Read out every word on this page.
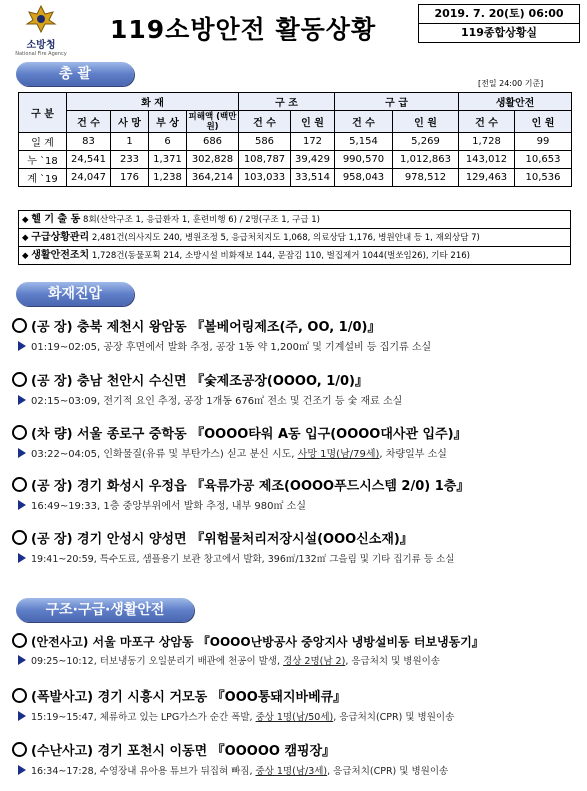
소방청
National Fire Agency
119소방안전 활동상황
2019. 7. 20(토) 06:00
119종합상황실
총 괄
[전일 24:00 기준]
구 분	화 재				구 조		구 급		생활안전	
	건 수	사 망	부 상	피해액 (백만원)	건 수	인 원	건 수	인 원	건 수	인 원
일 계	83	1	6	686	586	172	5,154	5,269	1,728	99
누 `18	24,541	233	1,371	302,828	108,787	39,429	990,570	1,012,863	143,012	10,653
계 `19	24,047	176	1,238	364,214	103,033	33,514	958,043	978,512	129,463	10,536
◆ 헬 기 출 동 8회(산악구조 1, 응급환자 1, 훈련비행 6) / 2명(구조 1, 구급 1)
◆ 구급상황관리 2,481건(의사지도 240, 병원조정 5, 응급처치지도 1,068, 의료상담 1,176, 병원안내 등 1, 재외상담 7)
◆ 생활안전조치 1,728건(동물포획 214, 소방시설 비화재보 144, 문잠김 110, 벌집제거 1044(벌쏘임26), 기타 216)
화재진압
(공 장) 충북 제천시 왕암동 『볼베어링제조(주, OO, 1/0)』
01:19~02:05, 공장 후면에서 발화 추정, 공장 1동 약 1,200㎡ 및 기계설비 등 집기류 소실
(공 장) 충남 천안시 수신면 『숯제조공장(OOOO, 1/0)』
02:15~03:09, 전기적 요인 추정, 공장 1개동 676㎡ 전소 및 건조기 등 숯 재료 소실
(차 량) 서울 종로구 중학동 『OOOO타워 A동 입구(OOOO대사관 입주)』
03:22~04:05, 인화물질(유류 및 부탄가스) 싣고 분신 시도, 사망 1명(남/79세), 차량일부 소실
(공 장) 경기 화성시 우정읍 『육류가공 제조(OOOO푸드시스템 2/0) 1층』
16:49~19:33, 1층 중앙부위에서 발화 추정, 내부 980㎡ 소실
(공 장) 경기 안성시 양성면 『위험물처리저장시설(OOO신소재)』
19:41~20:59, 특수도료, 샘플용기 보관 창고에서 발화, 396㎡/132㎡ 그을림 및 기타 집기류 등 소실
구조·구급·생활안전
(안전사고) 서울 마포구 상암동 『OOOO난방공사 중앙지사 냉방설비동 터보냉동기』
09:25~10:12, 터보냉동기 오일분리기 배관에 천공이 발생, 경상 2명(남 2), 응급처치 및 병원이송
(폭발사고) 경기 시흥시 거모동 『OOO통돼지바베큐』
15:19~15:47, 체류하고 있는 LPG가스가 순간 폭발, 중상 1명(남/50세), 응급처치(CPR) 및 병원이송
(수난사고) 경기 포천시 이동면 『OOOOO 캠핑장』
16:34~17:28, 수영장내 유아용 튜브가 뒤집혀 빠짐, 중상 1명(남/3세), 응급처치(CPR) 및 병원이송
